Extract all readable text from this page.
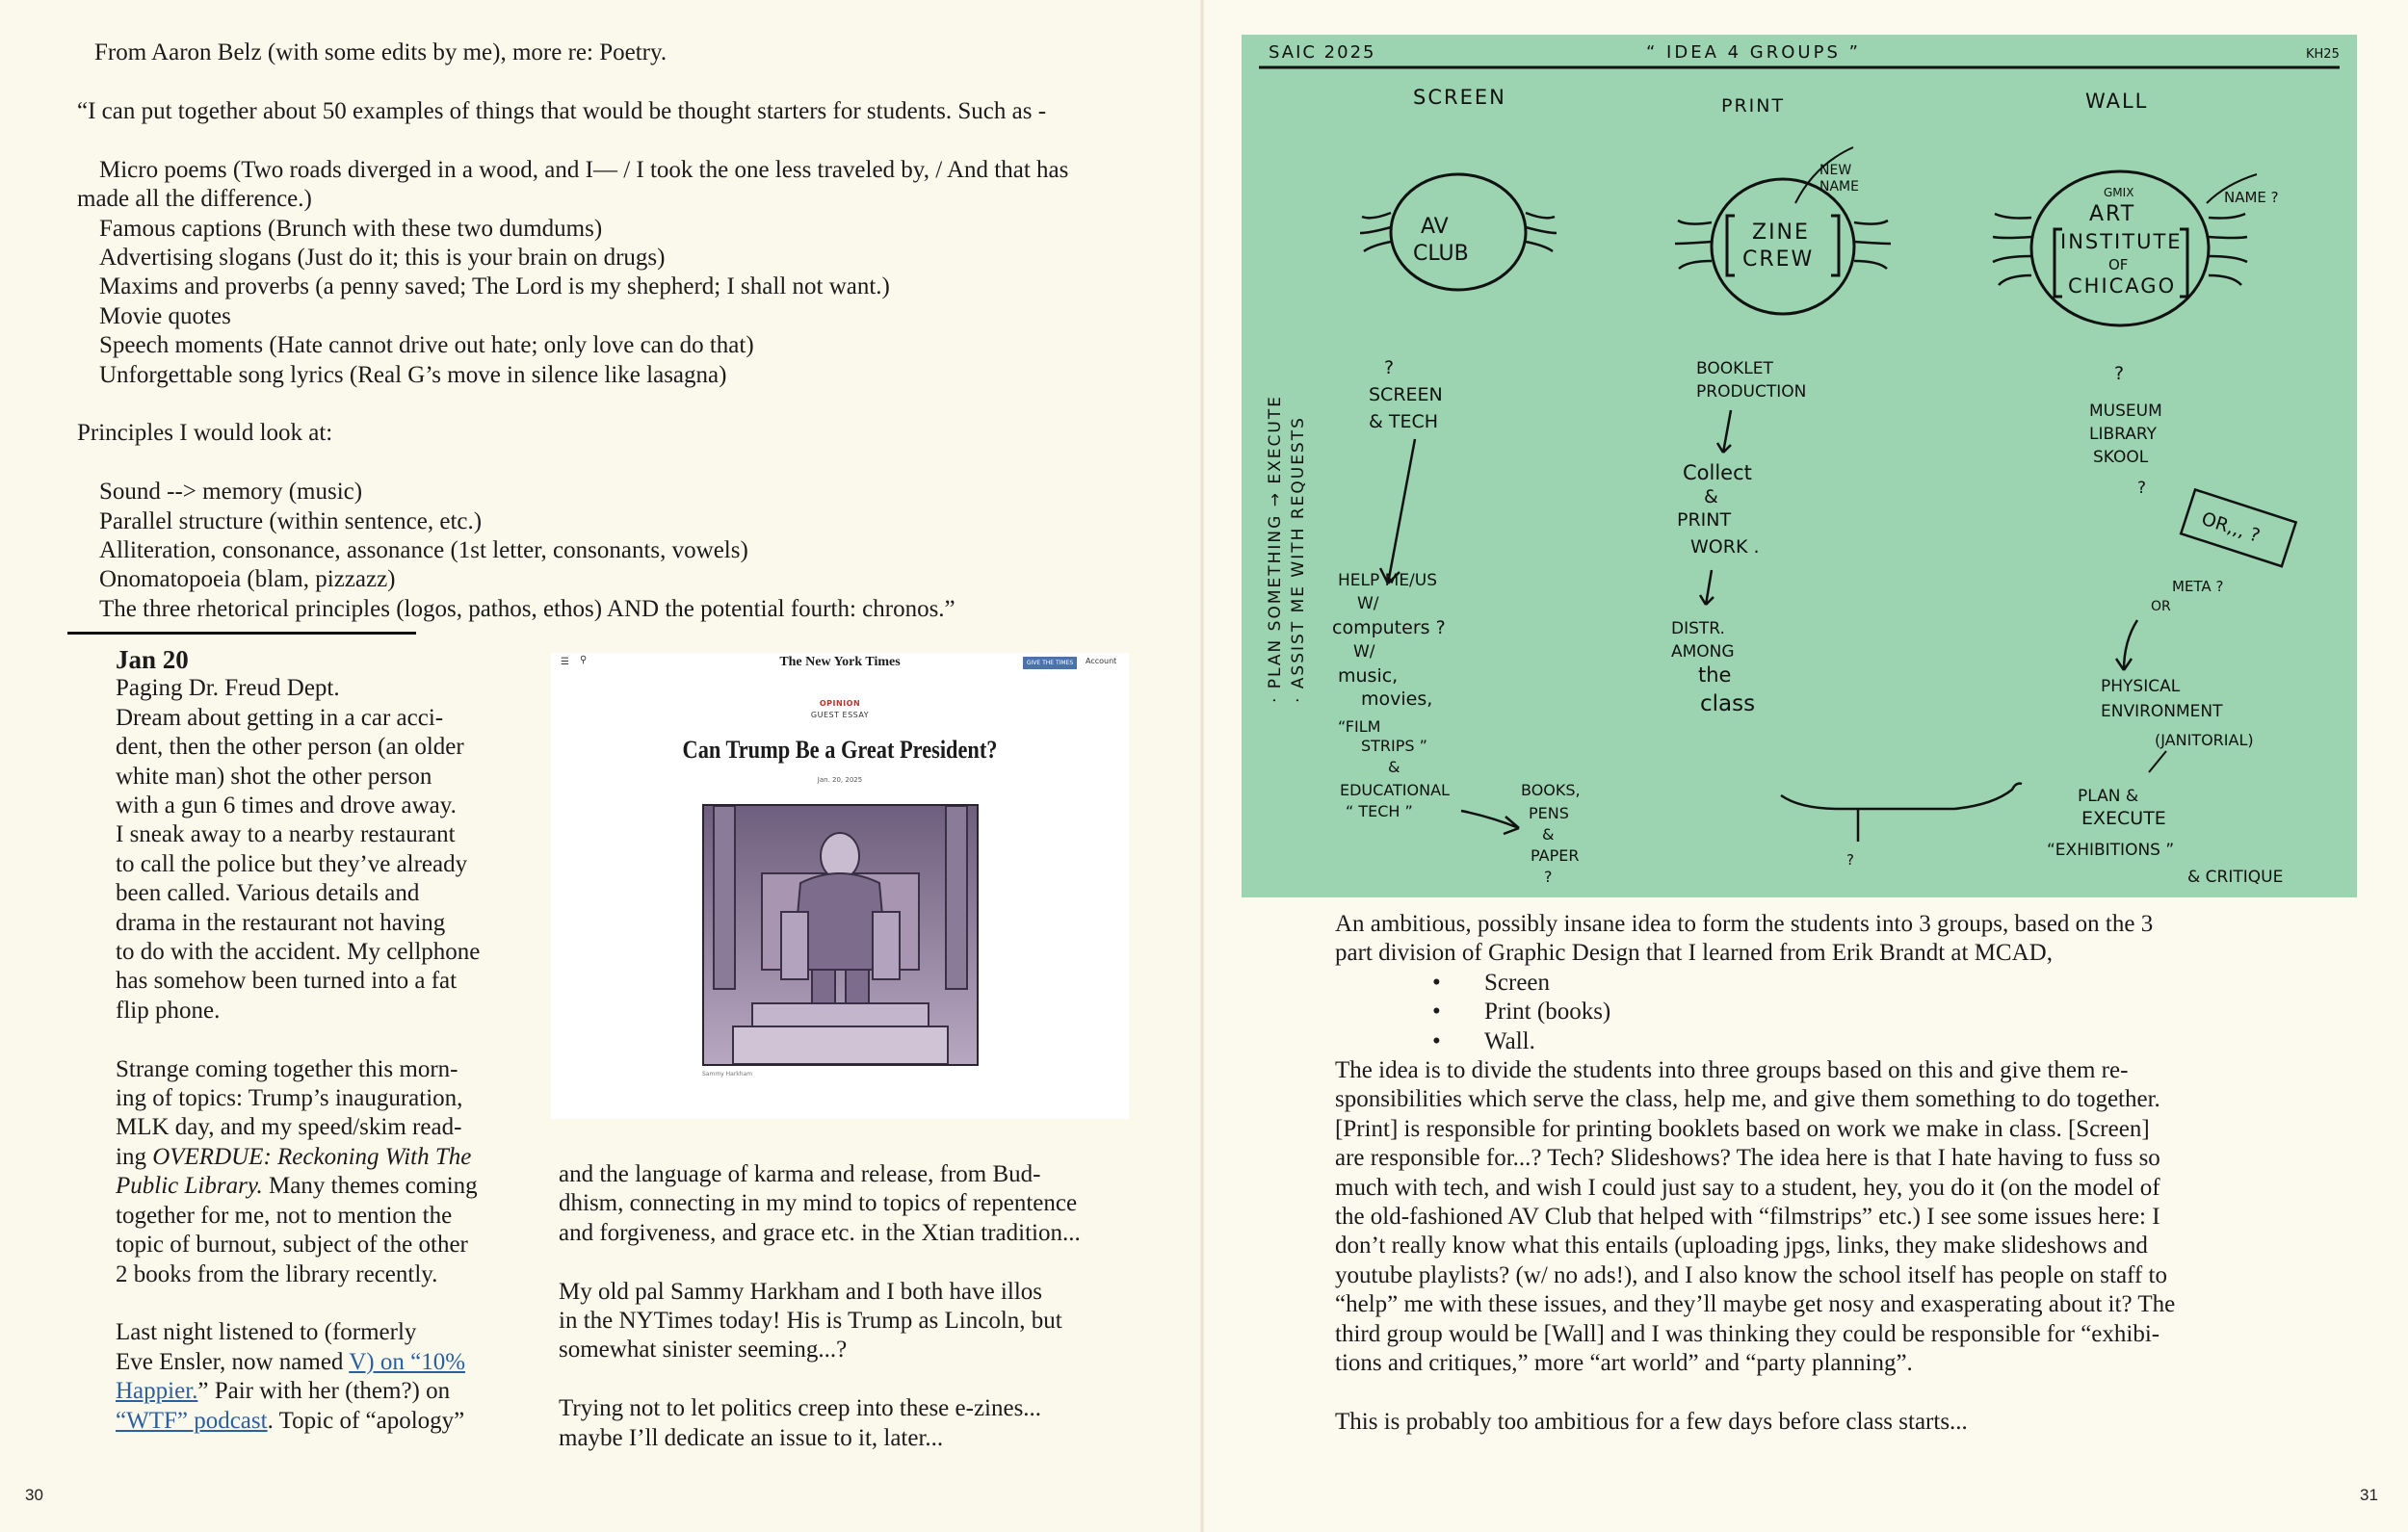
From Aaron Belz (with some edits by me), more re: Poetry.

“I can put together about 50 examples of things that would be thought starters for students. Such as -

Micro poems (Two roads diverged in a wood, and I— / I took the one less traveled by, / And that has

made all the difference.)

Famous captions (Brunch with these two dumdums)

Advertising slogans (Just do it; this is your brain on drugs)

Maxims and proverbs (a penny saved; The Lord is my shepherd; I shall not want.)

Movie quotes

Speech moments (Hate cannot drive out hate; only love can do that)

Unforgettable song lyrics (Real G’s move in silence like lasagna)

Principles I would look at:

Sound --> memory (music)

Parallel structure (within sentence, etc.)

Alliteration, consonance, assonance (1st letter, consonants, vowels)

Onomatopoeia (blam, pizzazz)

The three rhetorical principles (logos, pathos, ethos) AND the potential fourth: chronos.”

Jan 20

Paging Dr. Freud Dept.

Dream about getting in a car acci-

dent, then the other person (an older

white man) shot the other person

with a gun 6 times and drove away.

I sneak away to a nearby restaurant

to call the police but they’ve already

been called. Various details and

drama in the restaurant not having

to do with the accident. My cellphone

has somehow been turned into a fat

flip phone.

Strange coming together this morn-

ing of topics: Trump’s inauguration,

MLK day, and my speed/skim read-

ing OVERDUE: Reckoning With The

Public Library. Many themes coming

together for me, not to mention the

topic of burnout, subject of the other

2 books from the library recently.

Last night listened to (formerly

Eve Ensler, now named V) on “10%

Happier.” Pair with her (them?) on

“WTF” podcast. Topic of “apology”

☰ ⚲	The New York Times	GIVE THE TIMES	Account
OPINION
GUEST ESSAY
Can Trump Be a Great President?
Jan. 20, 2025
Sammy Harkham

and the language of karma and release, from Bud-

dhism, connecting in my mind to topics of repentence

and forgiveness, and grace etc. in the Xtian tradition...

My old pal Sammy Harkham and I both have illos

in the NYTimes today! His is Trump as Lincoln, but

somewhat sinister seeming...?

Trying not to let politics creep into these e-zines...

maybe I’ll dedicate an issue to it, later...

30
SAIC 2025	“ IDEA 4 GROUPS ”	KH25
SCREEN	PRINT	WALL
AV
CLUB
ZINE
CREW
NEW
NAME	GMIX
ART
INSTITUTE
OF
CHICAGO
NAME ?
?
SCREEN
& TECH
HELP ME/US
W/
computers ?
W/
music,
movies,
“FILM
STRIPS ”
&
EDUCATIONAL
“ TECH ”
BOOKS,
PENS
&
PAPER
?
BOOKLET
PRODUCTION
Collect
&
PRINT
WORK .
DISTR.
AMONG
the
class
?
?
MUSEUM
LIBRARY
SKOOL
?
OR,,, ?
META ?
OR
PHYSICAL
ENVIRONMENT
(JANITORIAL)
PLAN &
EXECUTE
“EXHIBITIONS ”
& CRITIQUE
· PLAN SOMETHING → EXECUTE · ASSIST ME WITH REQUESTS

An ambitious, possibly insane idea to form the students into 3 groups, based on the 3

part division of Graphic Design that I learned from Erik Brandt at MCAD,

• Screen
• Print (books)
• Wall.

The idea is to divide the students into three groups based on this and give them re-

sponsibilities which serve the class, help me, and give them something to do together.

[Print] is responsible for printing booklets based on work we make in class. [Screen]

are responsible for...? Tech? Slideshows? The idea here is that I hate having to fuss so

much with tech, and wish I could just say to a student, hey, you do it (on the model of

the old-fashioned AV Club that helped with “filmstrips” etc.) I see some issues here: I

don’t really know what this entails (uploading jpgs, links, they make slideshows and

youtube playlists? (w/ no ads!), and I also know the school itself has people on staff to

“help” me with these issues, and they’ll maybe get nosy and exasperating about it? The

third group would be [Wall] and I was thinking they could be responsible for “exhibi-

tions and critiques,” more “art world” and “party planning”.

This is probably too ambitious for a few days before class starts...

31
